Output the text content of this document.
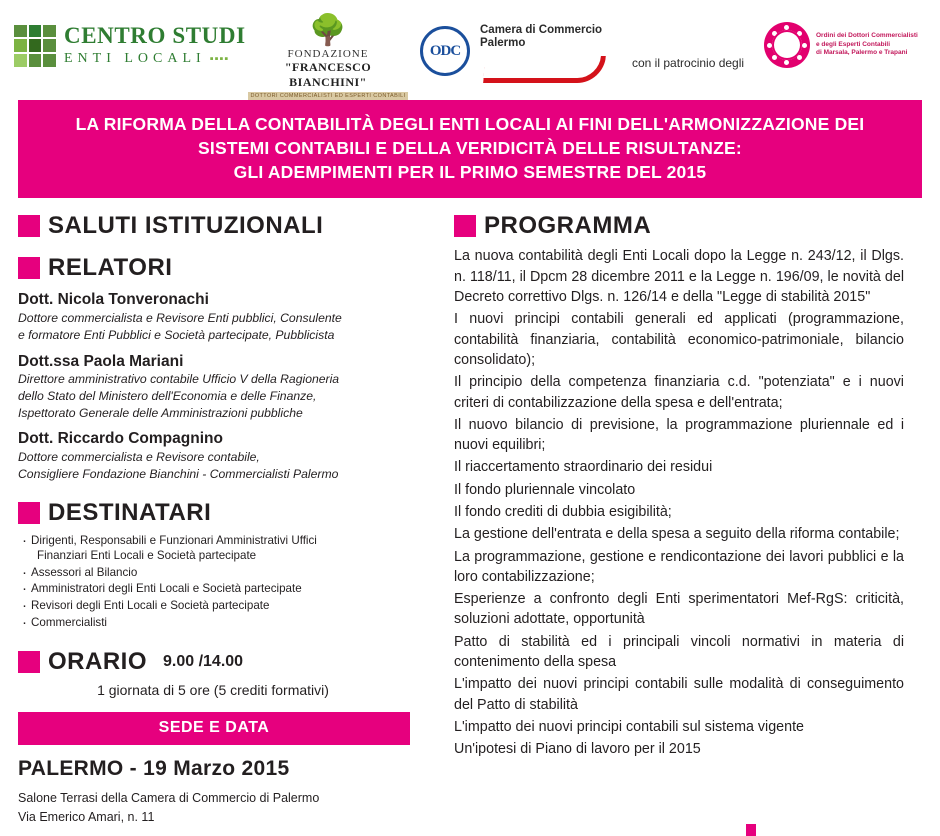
CENTRO STUDI
ENTI LOCALI ▪▪▪▪
🌳
FONDAZIONE
"FRANCESCO BIANCHINI"
DOTTORI COMMERCIALISTI ED ESPERTI CONTABILI
ODC
Camera di Commercio
Palermo
con il patrocinio degli
Ordini dei Dottori Commercialisti
e degli Esperti Contabili
di Marsala, Palermo e Trapani
LA RIFORMA DELLA CONTABILITÀ DEGLI ENTI LOCALI AI FINI DELL'ARMONIZZAZIONE DEI
SISTEMI CONTABILI E DELLA VERIDICITÀ DELLE RISULTANZE:
GLI ADEMPIMENTI PER IL PRIMO SEMESTRE DEL 2015
SALUTI ISTITUZIONALI
RELATORI
Dott. Nicola Tonveronachi
Dottore commercialista e Revisore Enti pubblici, Consulente
e formatore Enti Pubblici e Società partecipate, Pubblicista
Dott.ssa Paola Mariani
Direttore amministrativo contabile Ufficio V della Ragioneria
dello Stato del Ministero dell'Economia e delle Finanze,
Ispettorato Generale delle Amministrazioni pubbliche
Dott. Riccardo Compagnino
Dottore commercialista e Revisore contabile,
Consigliere Fondazione Bianchini - Commercialisti Palermo
DESTINATARI
· Dirigenti, Responsabili e Funzionari Amministrativi Uffici
Finanziari Enti Locali e Società partecipate
· Assessori al Bilancio
· Amministratori degli Enti Locali e Società partecipate
· Revisori degli Enti Locali e Società partecipate
· Commercialisti
ORARIO 9.00 /14.00
1 giornata di 5 ore (5 crediti formativi)
SEDE E DATA
PALERMO - 19 Marzo 2015
Salone Terrasi della Camera di Commercio di Palermo
Via Emerico Amari, n. 11
PROGRAMMA

La nuova contabilità degli Enti Locali dopo la Legge n. 243/12, il Dlgs. n. 118/11, il Dpcm 28 dicembre 2011 e la Legge n. 196/09, le novità del Decreto correttivo Dlgs. n. 126/14 e della "Legge di stabilità 2015"

I nuovi principi contabili generali ed applicati (programmazione, contabilità finanziaria, contabilità economico-patrimoniale, bilancio consolidato);

Il principio della competenza finanziaria c.d. "potenziata" e i nuovi criteri di contabilizzazione della spesa e dell'entrata;

Il nuovo bilancio di previsione, la programmazione pluriennale ed i nuovi equilibri;

Il riaccertamento straordinario dei residui

Il fondo pluriennale vincolato

Il fondo crediti di dubbia esigibilità;

La gestione dell'entrata e della spesa a seguito della riforma contabile;

La programmazione, gestione e rendicontazione dei lavori pubblici e la loro contabilizzazione;

Esperienze a confronto degli Enti sperimentatori Mef-RgS: criticità, soluzioni adottate, opportunità

Patto di stabilità ed i principali vincoli normativi in materia di contenimento della spesa

L'impatto dei nuovi principi contabili sulle modalità di conseguimento del Patto di stabilità

L'impatto dei nuovi principi contabili sul sistema vigente

Un'ipotesi di Piano di lavoro per il 2015
